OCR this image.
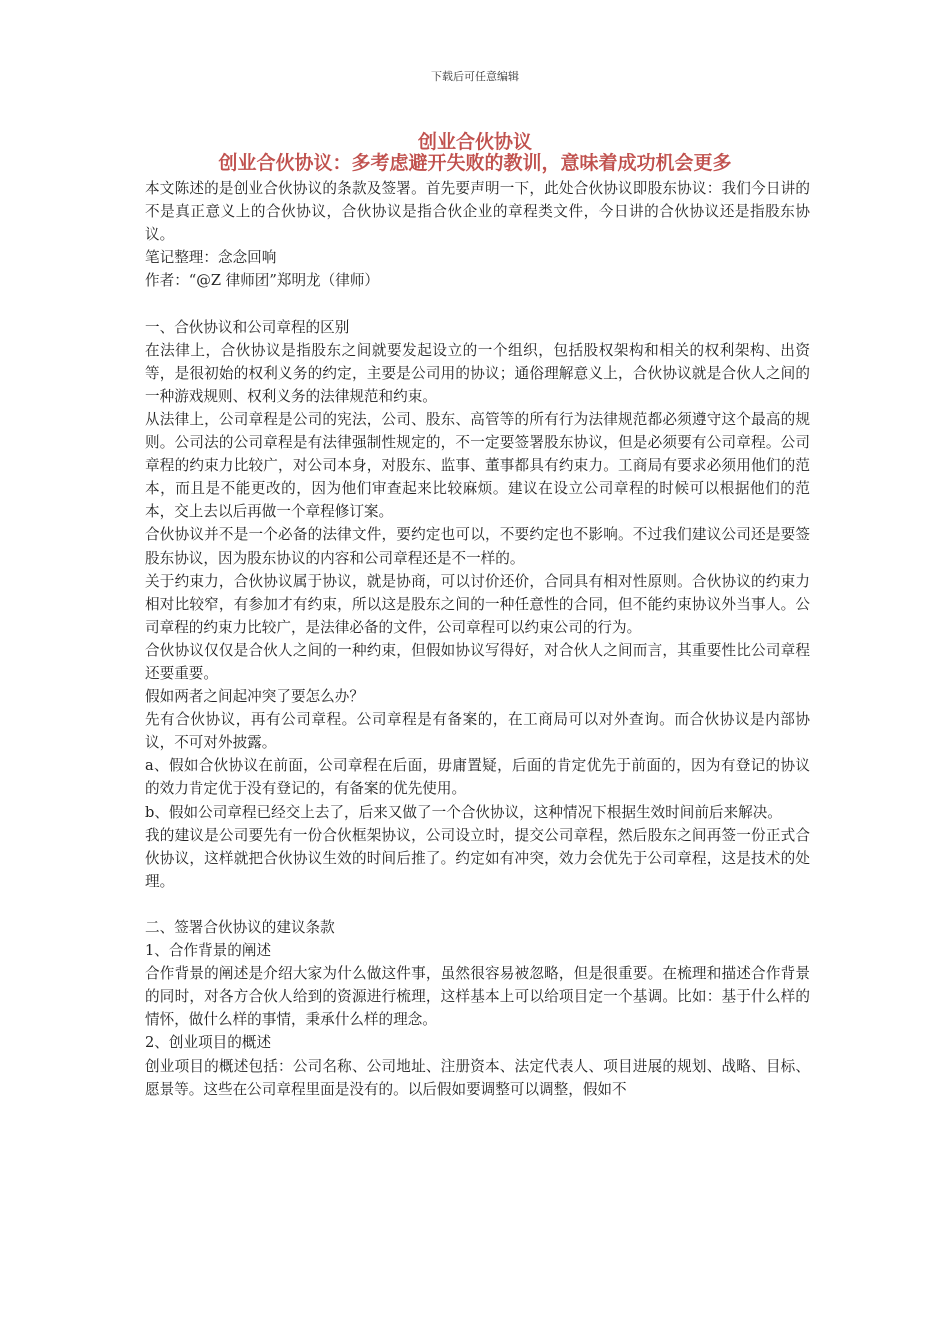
下载后可任意编辑
创业合伙协议
创业合伙协议：多考虑避开失败的教训，意味着成功机会更多

本文陈述的是创业合伙协议的条款及签署。首先要声明一下，此处合伙协议即股东协议：我们今日讲的不是真正意义上的合伙协议，合伙协议是指合伙企业的章程类文件，今日讲的合伙协议还是指股东协议。

笔记整理：念念回响

作者：“@Z 律师团”郑明龙（律师）

一、合伙协议和公司章程的区别

在法律上，合伙协议是指股东之间就要发起设立的一个组织，包括股权架构和相关的权利架构、出资等，是很初始的权利义务的约定，主要是公司用的协议；通俗理解意义上，合伙协议就是合伙人之间的一种游戏规则、权利义务的法律规范和约束。

从法律上，公司章程是公司的宪法，公司、股东、高管等的所有行为法律规范都必须遵守这个最高的规则。公司法的公司章程是有法律强制性规定的，不一定要签署股东协议，但是必须要有公司章程。公司章程的约束力比较广，对公司本身，对股东、监事、董事都具有约束力。工商局有要求必须用他们的范本，而且是不能更改的，因为他们审查起来比较麻烦。建议在设立公司章程的时候可以根据他们的范本，交上去以后再做一个章程修订案。

合伙协议并不是一个必备的法律文件，要约定也可以，不要约定也不影响。不过我们建议公司还是要签股东协议，因为股东协议的内容和公司章程还是不一样的。

关于约束力，合伙协议属于协议，就是协商，可以讨价还价，合同具有相对性原则。合伙协议的约束力相对比较窄，有参加才有约束，所以这是股东之间的一种任意性的合同，但不能约束协议外当事人。公司章程的约束力比较广，是法律必备的文件，公司章程可以约束公司的行为。

合伙协议仅仅是合伙人之间的一种约束，但假如协议写得好，对合伙人之间而言，其重要性比公司章程还要重要。

假如两者之间起冲突了要怎么办？

先有合伙协议，再有公司章程。公司章程是有备案的，在工商局可以对外查询。而合伙协议是内部协议，不可对外披露。

a、假如合伙协议在前面，公司章程在后面，毋庸置疑，后面的肯定优先于前面的，因为有登记的协议的效力肯定优于没有登记的，有备案的优先使用。

b、假如公司章程已经交上去了，后来又做了一个合伙协议，这种情况下根据生效时间前后来解决。

我的建议是公司要先有一份合伙框架协议，公司设立时，提交公司章程，然后股东之间再签一份正式合伙协议，这样就把合伙协议生效的时间后推了。约定如有冲突，效力会优先于公司章程，这是技术的处理。

二、签署合伙协议的建议条款

1、合作背景的阐述

合作背景的阐述是介绍大家为什么做这件事，虽然很容易被忽略，但是很重要。在梳理和描述合作背景的同时，对各方合伙人给到的资源进行梳理，这样基本上可以给项目定一个基调。比如：基于什么样的情怀，做什么样的事情，秉承什么样的理念。

2、创业项目的概述

创业项目的概述包括：公司名称、公司地址、注册资本、法定代表人、项目进展的规划、战略、目标、愿景等。这些在公司章程里面是没有的。以后假如要调整可以调整，假如不
